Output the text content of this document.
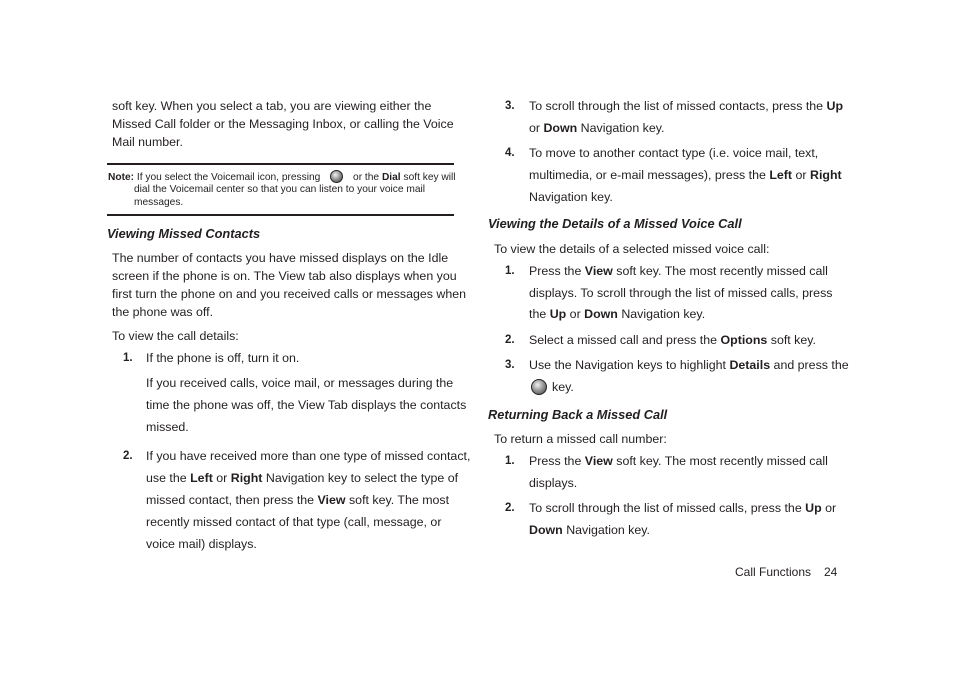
soft key. When you select a tab, you are viewing either the
Missed Call folder or the Messaging Inbox, or calling the Voice
Mail number.
Note: If you select the Voicemail icon, pressing	or the Dial soft key will
dial the Voicemail center so that you can listen to your voice mail
messages.
Viewing Missed Contacts
The number of contacts you have missed displays on the Idle
screen if the phone is on. The View tab also displays when you
first turn the phone on and you received calls or messages when
the phone was off.
To view the call details:
1. If the phone is off, turn it on.
If you received calls, voice mail, or messages during the
time the phone was off, the View Tab displays the contacts
missed.
2. If you have received more than one type of missed contact,
use the Left or Right Navigation key to select the type of
missed contact, then press the View soft key. The most
recently missed contact of that type (call, message, or
voice mail) displays.
3. To scroll through the list of missed contacts, press the Up
or Down Navigation key.
4. To move to another contact type (i.e. voice mail, text,
multimedia, or e-mail messages), press the Left or Right
Navigation key.
Viewing the Details of a Missed Voice Call
To view the details of a selected missed voice call:
1. Press the View soft key. The most recently missed call
displays. To scroll through the list of missed calls, press
the Up or Down Navigation key.
2. Select a missed call and press the Options soft key.
3. Use the Navigation keys to highlight Details and press the
key.
Returning Back a Missed Call
To return a missed call number:
1. Press the View soft key. The most recently missed call
displays.
2. To scroll through the list of missed calls, press the Up or
Down Navigation key.
Call Functions 24
